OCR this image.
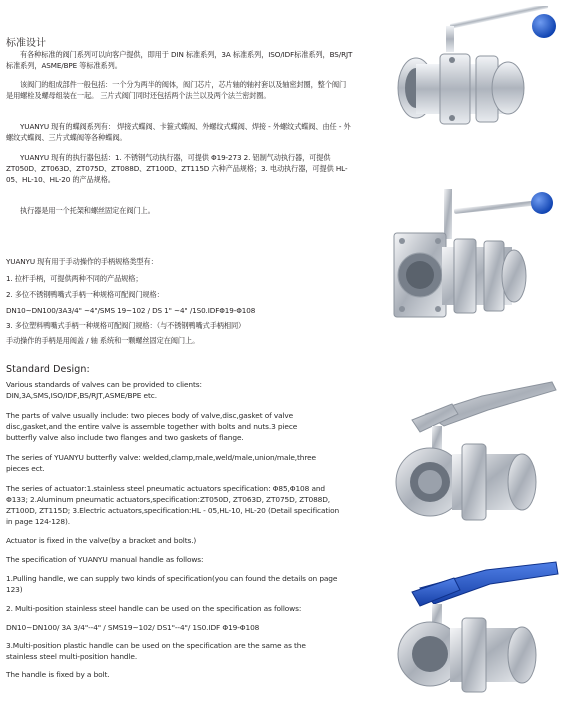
标准设计

有各种标准的阀门系列可以向客户提供，即用于 DIN 标准系列，3A 标准系列，ISO/IDF标准系列，BS/RJT 标准系列，ASME/BPE 等标准系列。

该阀门的组成部件一般包括：一个分为两半的阀体，阀门芯片，芯片轴的轴衬套以及轴密封圈，整个阀门是用螺栓及螺母组装在一起。 三片式阀门同时还包括两个法兰以及两个法兰密封圈。

YUANYU 现有的蝶阀系列有： 焊接式蝶阀、卡箍式蝶阀、外螺纹式蝶阀、焊接 - 外螺纹式蝶阀、由任 - 外螺纹式蝶阀、三片式蝶阀等各种蝶阀。

YUANYU 现有的执行器包括：1. 不锈钢气动执行器，可提供 Φ19-273 2. 铝制气动执行器，可提供 ZT050D、ZT063D、ZT075D、ZT088D、ZT100D、ZT115D 六种产品规格；3. 电动执行器，可提供 HL-05、HL-10、HL-20 的产品规格。

执行器是用一个托架和螺丝固定在阀门上。

YUANYU 现有用于手动操作的手柄规格类型有：

1. 拉杆手柄，可提供两种不同的产品规格；

2. 多位不锈钢鸭嘴式手柄一种规格可配阀门规格：

DN10~DN100/3A3/4" ~4"/SMS 19~102 / DS 1" ~4" /1S0.IDFΦ19-Φ108

3. 多位塑料鸭嘴式手柄一种规格可配阀门规格：（与不锈钢鸭嘴式手柄相同）

手动操作的手柄是用阀盖 / 轴 系统和一颗螺丝固定在阀门上。

Standard Design:

Various standards of valves can be provided to clients: DIN,3A,SMS,ISO/IDF,BS/RJT,ASME/BPE etc.

The parts of valve usually include: two pieces body of valve,disc,gasket of valve disc,gasket,and the entire valve is assemble together with bolts and nuts.3 piece butterfly valve also include two flanges and two gaskets of flange.

The series of YUANYU butterfly valve: welded,clamp,male,weld/male,union/male,three pieces ect.

The series of actuator:1.stainless steel pneumatic actuators specification: Φ85,Φ108 and Φ133; 2.Aluminum pneumatic actuators,specification:ZT050D, ZT063D, ZT075D, ZT088D, ZT100D, ZT115D; 3.Electric actuators,specification:HL - 05,HL-10, HL-20 (Detail specification in page 124-128).

Actuator is fixed in the valve(by a bracket and bolts.)

The specification of YUANYU manual handle as follows:

1.Pulling handle, we can supply two kinds of specification(you can found the details on page 123)

2. Multi-position stainless steel handle can be used on the specification as follows:

DN10~DN100/ 3A 3/4"--4" / SMS19~102/ DS1"--4"/ 1S0.IDF Φ19-Φ108

3.Multi-position plastic handle can be used on the specification are the same as the stainless steel multi-position handle.

The handle is fixed by a bolt.
